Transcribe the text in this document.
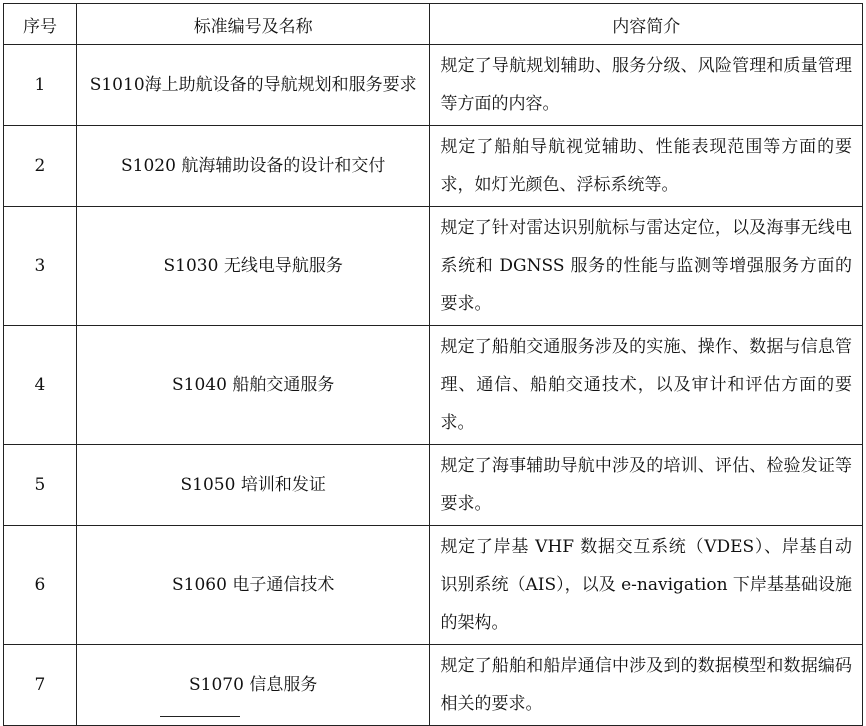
序号	标准编号及名称	内容简介
1	S1010海上助航设备的导航规划和服务要求	规定了导航规划辅助、服务分级、风险管理和质量管理等方面的内容。
2	S1020 航海辅助设备的设计和交付	规定了船舶导航视觉辅助、性能表现范围等方面的要求，如灯光颜色、浮标系统等。
3	S1030 无线电导航服务	规定了针对雷达识别航标与雷达定位，以及海事无线电系统和 DGNSS 服务的性能与监测等增强服务方面的要求。
4	S1040 船舶交通服务	规定了船舶交通服务涉及的实施、操作、数据与信息管理、通信、船舶交通技术，以及审计和评估方面的要求。
5	S1050 培训和发证	规定了海事辅助导航中涉及的培训、评估、检验发证等要求。
6	S1060 电子通信技术	规定了岸基 VHF 数据交互系统（VDES）、岸基自动识别系统（AIS），以及 e-navigation 下岸基基础设施的架构。
7	S1070 信息服务	规定了船舶和船岸通信中涉及到的数据模型和数据编码相关的要求。
